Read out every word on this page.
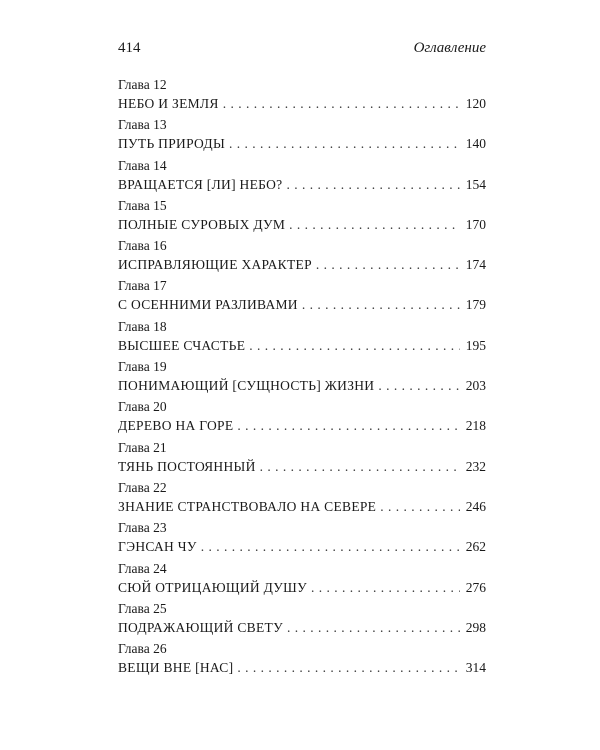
414	Оглавление
Глава 12
НЕБО И ЗЕМЛЯ . . .	120
Глава 13
ПУТЬ ПРИРОДЫ . . .	140
Глава 14
ВРАЩАЕТСЯ [ЛИ] НЕБО? . . .	154
Глава 15
ПОЛНЫЕ СУРОВЫХ ДУМ . . .	170
Глава 16
ИСПРАВЛЯЮЩИЕ ХАРАКТЕР . . .	174
Глава 17
С ОСЕННИМИ РАЗЛИВАМИ . . .	179
Глава 18
ВЫСШЕЕ СЧАСТЬЕ . . .	195
Глава 19
ПОНИМАЮЩИЙ [СУЩНОСТЬ] ЖИЗНИ . . .	203
Глава 20
ДЕРЕВО НА ГОРЕ . . .	218
Глава 21
ТЯНЬ ПОСТОЯННЫЙ . . .	232
Глава 22
ЗНАНИЕ СТРАНСТВОВАЛО НА СЕВЕРЕ . . .	246
Глава 23
ГЭНСАН ЧУ . . .	262
Глава 24
СЮЙ ОТРИЦАЮЩИЙ ДУШУ . . .	276
Глава 25
ПОДРАЖАЮЩИЙ СВЕТУ . . .	298
Глава 26
ВЕЩИ ВНЕ [НАС] . . .	314
